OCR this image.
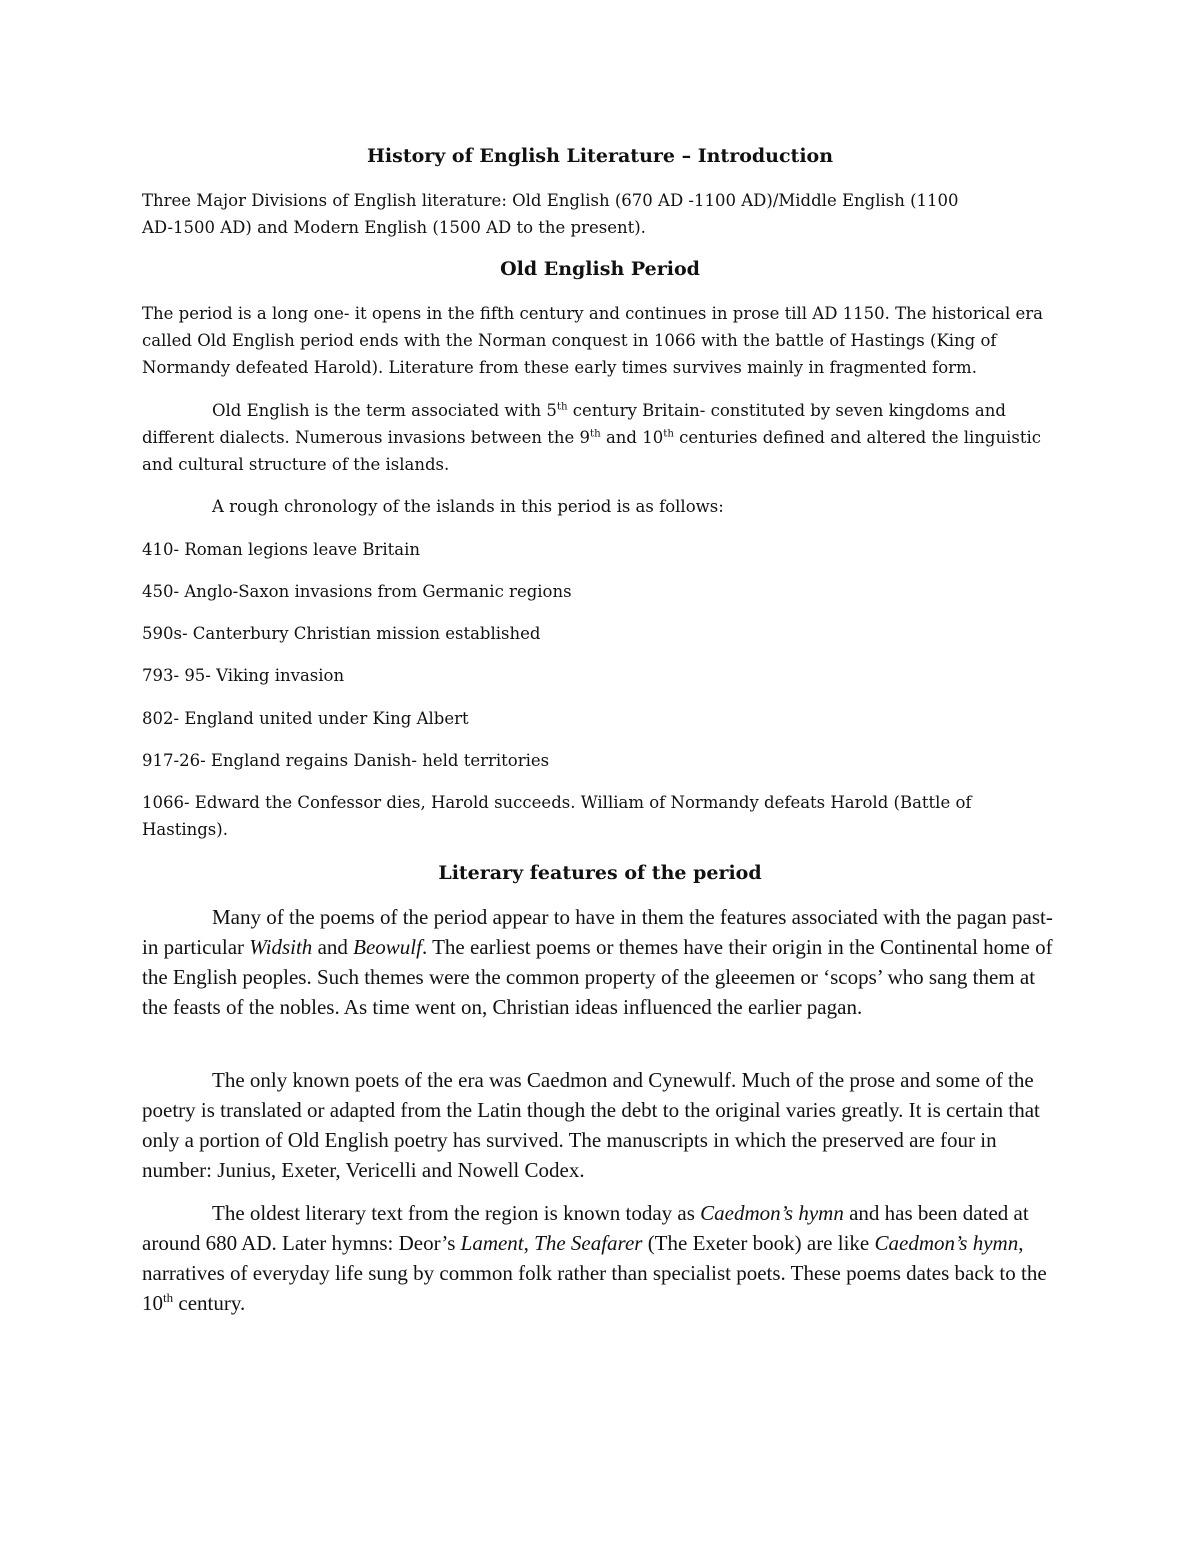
History of English Literature – Introduction

Three Major Divisions of English literature: Old English (670 AD -1100 AD)/Middle English (1100
AD-1500 AD) and Modern English (1500 AD to the present).

Old English Period

The period is a long one- it opens in the fifth century and continues in prose till AD 1150. The historical era called Old English period ends with the Norman conquest in 1066 with the battle of Hastings (King of Normandy defeated Harold). Literature from these early times survives mainly in fragmented form.

Old English is the term associated with 5th century Britain- constituted by seven kingdoms and different dialects. Numerous invasions between the 9th and 10th centuries defined and altered the linguistic and cultural structure of the islands.

A rough chronology of the islands in this period is as follows:

410- Roman legions leave Britain

450- Anglo-Saxon invasions from Germanic regions

590s- Canterbury Christian mission established

793- 95- Viking invasion

802- England united under King Albert

917-26- England regains Danish- held territories

1066- Edward the Confessor dies, Harold succeeds. William of Normandy defeats Harold (Battle of Hastings).

Literary features of the period

Many of the poems of the period appear to have in them the features associated with the pagan past- in particular Widsith and Beowulf. The earliest poems or themes have their origin in the Continental home of the English peoples. Such themes were the common property of the gleeemen or ‘scops’ who sang them at the feasts of the nobles. As time went on, Christian ideas influenced the earlier pagan.

The only known poets of the era was Caedmon and Cynewulf. Much of the prose and some of the poetry is translated or adapted from the Latin though the debt to the original varies greatly. It is certain that only a portion of Old English poetry has survived. The manuscripts in which the preserved are four in number: Junius, Exeter, Vericelli and Nowell Codex.

The oldest literary text from the region is known today as Caedmon’s hymn and has been dated at around 680 AD. Later hymns: Deor’s Lament, The Seafarer (The Exeter book) are like Caedmon’s hymn, narratives of everyday life sung by common folk rather than specialist poets. These poems dates back to the 10th century.
